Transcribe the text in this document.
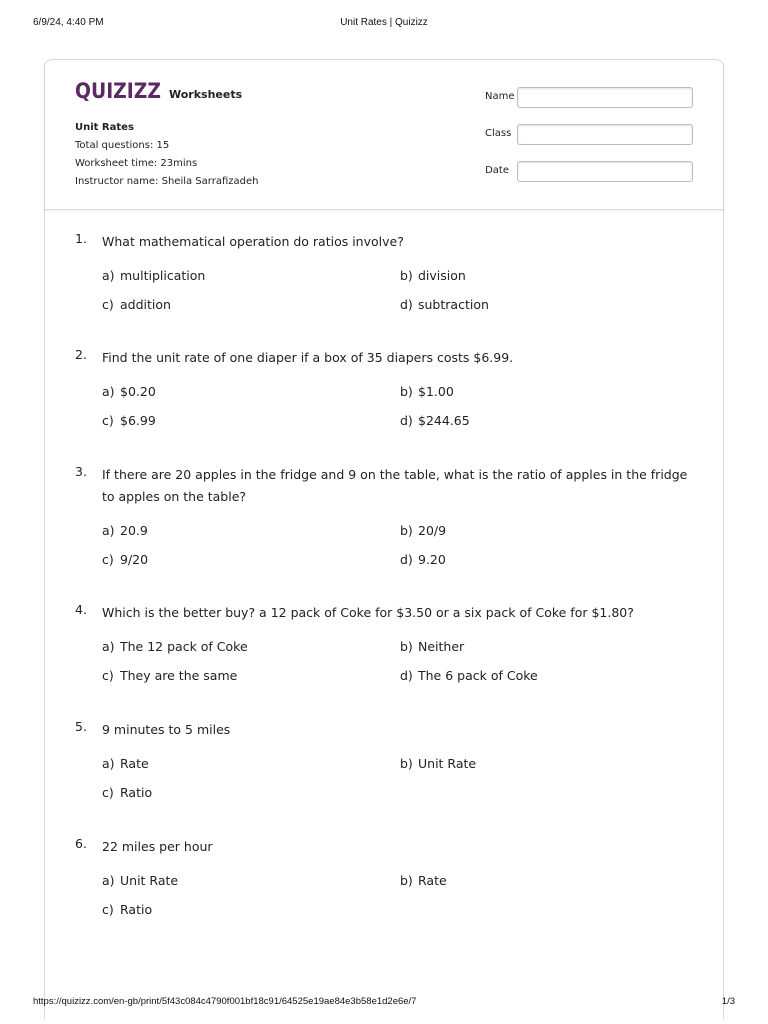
6/9/24, 4:40 PM	Unit Rates | Quizizz
QUIZIZZ Worksheets
Unit Rates
Total questions: 15
Worksheet time: 23mins
Instructor name: Sheila Sarrafizadeh
Name
Class
Date
1. What mathematical operation do ratios involve?
a) multiplication	b) division
c) addition	d) subtraction
2. Find the unit rate of one diaper if a box of 35 diapers costs $6.99.
a) $0.20	b) $1.00
c) $6.99	d) $244.65
3. If there are 20 apples in the fridge and 9 on the table, what is the ratio of apples in the fridge to apples on the table?
a) 20.9	b) 20/9
c) 9/20	d) 9.20
4. Which is the better buy? a 12 pack of Coke for $3.50 or a six pack of Coke for $1.80?
a) The 12 pack of Coke	b) Neither
c) They are the same	d) The 6 pack of Coke
5. 9 minutes to 5 miles
a) Rate	b) Unit Rate
c) Ratio
6. 22 miles per hour
a) Unit Rate	b) Rate
c) Ratio
https://quizizz.com/en-gb/print/5f43c084c4790f001bf18c91/64525e19ae84e3b58e1d2e6e/7	1/3
